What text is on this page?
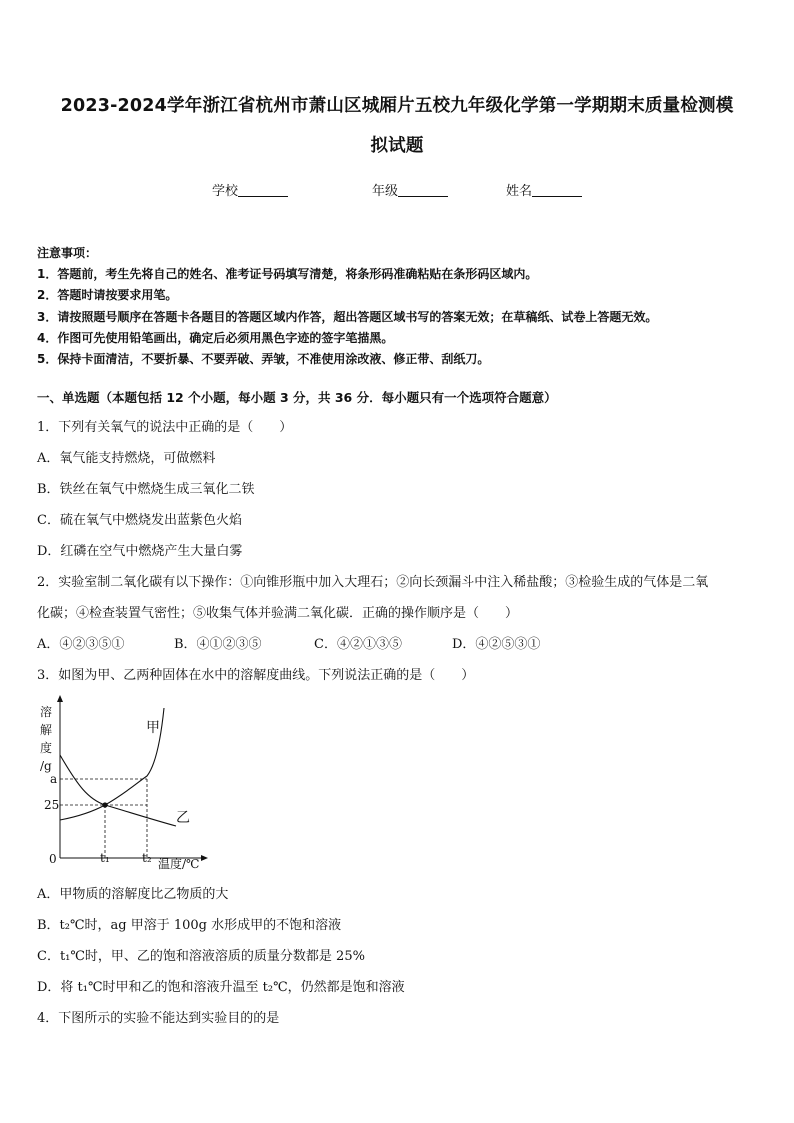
2023-2024学年浙江省杭州市萧山区城厢片五校九年级化学第一学期期末质量检测模
拟试题
学校	年级	姓名
注意事项：
1．答题前，考生先将自己的姓名、准考证号码填写清楚，将条形码准确粘贴在条形码区域内。
2．答题时请按要求用笔。
3．请按照题号顺序在答题卡各题目的答题区域内作答，超出答题区域书写的答案无效；在草稿纸、试卷上答题无效。
4．作图可先使用铅笔画出，确定后必须用黑色字迹的签字笔描黑。
5．保持卡面清洁，不要折暴、不要弄破、弄皱，不准使用涂改液、修正带、刮纸刀。
一、单选题（本题包括 12 个小题，每小题 3 分，共 36 分．每小题只有一个选项符合题意）
1．下列有关氧气的说法中正确的是（　　）
A．氧气能支持燃烧，可做燃料
B．铁丝在氧气中燃烧生成三氧化二铁
C．硫在氧气中燃烧发出蓝紫色火焰
D．红磷在空气中燃烧产生大量白雾
2．实验室制二氧化碳有以下操作：①向锥形瓶中加入大理石；②向长颈漏斗中注入稀盐酸；③检验生成的气体是二氧
化碳；④检查装置气密性；⑤收集气体并验满二氧化碳．正确的操作顺序是（　　）
A．④②③⑤①	B．④①②③⑤	C．④②①③⑤	D．④②⑤③①
3．如图为甲、乙两种固体在水中的溶解度曲线。下列说法正确的是（　　）
溶
解
度
/g
a
25
0	t₁	t₂ 温度/℃
甲
乙
A．甲物质的溶解度比乙物质的大
B．t₂℃时，ag 甲溶于 100g 水形成甲的不饱和溶液
C．t₁℃时，甲、乙的饱和溶液溶质的质量分数都是 25%
D．将 t₁℃时甲和乙的饱和溶液升温至 t₂℃，仍然都是饱和溶液
4．下图所示的实验不能达到实验目的的是
